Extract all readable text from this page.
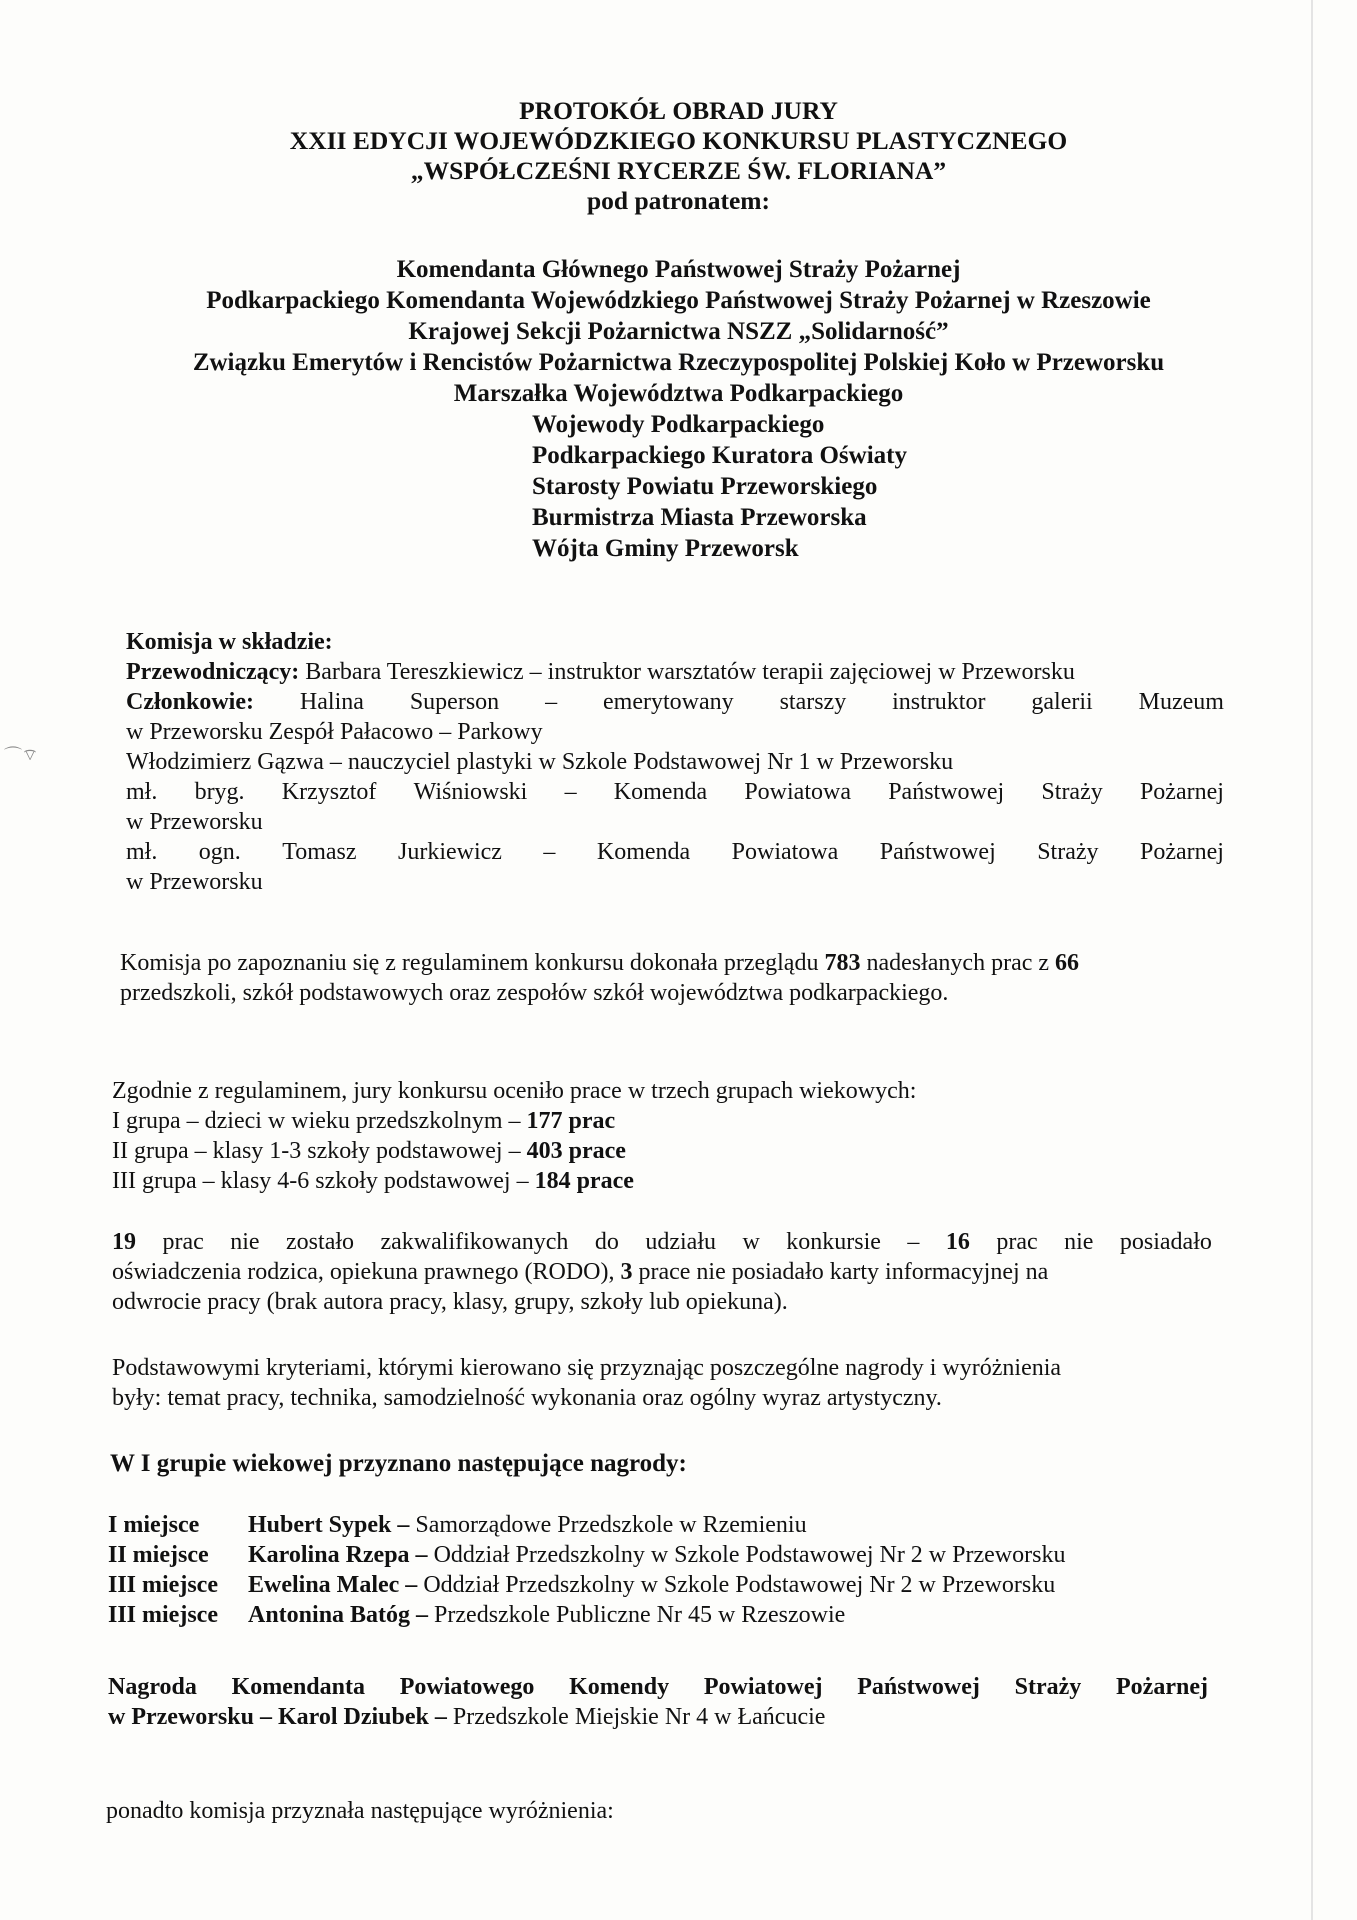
⌒ ͡ ˅
PROTOKÓŁ OBRAD JURY
XXII EDYCJI WOJEWÓDZKIEGO KONKURSU PLASTYCZNEGO
„WSPÓŁCZEŚNI RYCERZE ŚW. FLORIANA”
pod patronatem:
Komendanta Głównego Państwowej Straży Pożarnej
Podkarpackiego Komendanta Wojewódzkiego Państwowej Straży Pożarnej w Rzeszowie
Krajowej Sekcji Pożarnictwa NSZZ „Solidarność”
Związku Emerytów i Rencistów Pożarnictwa Rzeczypospolitej Polskiej Koło w Przeworsku
Marszałka Województwa Podkarpackiego
Wojewody Podkarpackiego
Podkarpackiego Kuratora Oświaty
Starosty Powiatu Przeworskiego
Burmistrza Miasta Przeworska
Wójta Gminy Przeworsk
Komisja w składzie:
Przewodniczący: Barbara Tereszkiewicz – instruktor warsztatów terapii zajęciowej w Przeworsku
Członkowie: Halina Superson – emerytowany starszy instruktor galerii Muzeum
w Przeworsku Zespół Pałacowo – Parkowy
Włodzimierz Gązwa – nauczyciel plastyki w Szkole Podstawowej Nr 1 w Przeworsku
mł. bryg. Krzysztof Wiśniowski – Komenda Powiatowa Państwowej Straży Pożarnej
w Przeworsku
mł. ogn. Tomasz Jurkiewicz – Komenda Powiatowa Państwowej Straży Pożarnej
w Przeworsku
Komisja po zapoznaniu się z regulaminem konkursu dokonała przeglądu 783 nadesłanych prac z 66
przedszkoli, szkół podstawowych oraz zespołów szkół województwa podkarpackiego.
Zgodnie z regulaminem, jury konkursu oceniło prace w trzech grupach wiekowych:
I grupa – dzieci w wieku przedszkolnym – 177 prac
II grupa – klasy 1-3 szkoły podstawowej – 403 prace
III grupa – klasy 4-6 szkoły podstawowej – 184 prace
19 prac nie zostało zakwalifikowanych do udziału w konkursie – 16 prac nie posiadało
oświadczenia rodzica, opiekuna prawnego (RODO), 3 prace nie posiadało karty informacyjnej na
odwrocie pracy (brak autora pracy, klasy, grupy, szkoły lub opiekuna).
Podstawowymi kryteriami, którymi kierowano się przyznając poszczególne nagrody i wyróżnienia
były: temat pracy, technika, samodzielność wykonania oraz ogólny wyraz artystyczny.
W I grupie wiekowej przyznano następujące nagrody:
I miejsce Hubert Sypek – Samorządowe Przedszkole w Rzemieniu
II miejsce Karolina Rzepa – Oddział Przedszkolny w Szkole Podstawowej Nr 2 w Przeworsku
III miejsce Ewelina Malec – Oddział Przedszkolny w Szkole Podstawowej Nr 2 w Przeworsku
III miejsce Antonina Batóg – Przedszkole Publiczne Nr 45 w Rzeszowie
Nagroda Komendanta Powiatowego Komendy Powiatowej Państwowej Straży Pożarnej
w Przeworsku – Karol Dziubek – Przedszkole Miejskie Nr 4 w Łańcucie
ponadto komisja przyznała następujące wyróżnienia:
